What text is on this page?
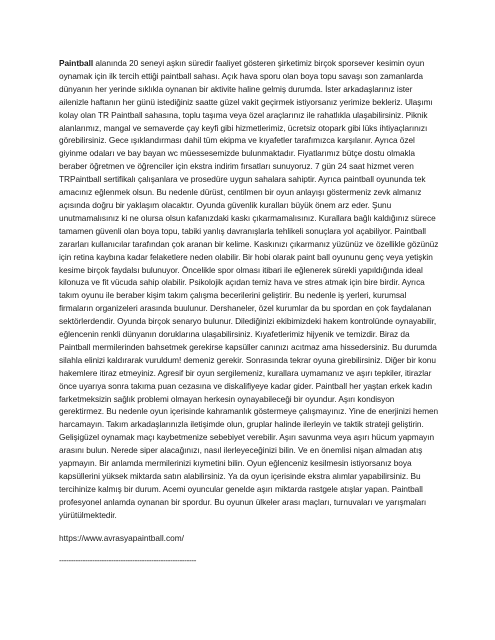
Paintball alanında 20 seneyi aşkın süredir faaliyet gösteren şirketimiz birçok sporsever kesimin oyun oynamak için ilk tercih ettiği paintball sahası. Açık hava sporu olan boya topu savaşı son zamanlarda dünyanın her yerinde sıklıkla oynanan bir aktivite haline gelmiş durumda. İster arkadaşlarınız ister ailenizle haftanın her günü istediğiniz saatte güzel vakit geçirmek istiyorsanız yerimize bekleriz. Ulaşımı kolay olan TR Paintball sahasına, toplu taşıma veya özel araçlarınız ile rahatlıkla ulaşabilirsiniz. Piknik alanlarımız, mangal ve semaverde çay keyfi gibi hizmetlerimiz, ücretsiz otopark gibi lüks ihtiyaçlarınızı görebilirsiniz. Gece ışıklandırması dahil tüm ekipma ve kıyafetler tarafımızca karşılanır. Ayrıca özel giyinme odaları ve bay bayan wc müessesemizde bulunmaktadır. Fiyatlarımız bütçe dostu olmakla beraber öğretmen ve öğrenciler için ekstra indirim fırsatları sunuyoruz. 7 gün 24 saat hizmet veren TRPaintball sertifikalı çalışanlara ve prosedüre uygun sahalara sahiptir. Ayrıca paintball oyununda tek amacınız eğlenmek olsun. Bu nedenle dürüst, centilmen bir oyun anlayışı göstermeniz zevk almanız açısında doğru bir yaklaşım olacaktır. Oyunda güvenlik kuralları büyük önem arz eder. Şunu unutmamalısınız ki ne olursa olsun kafanızdaki kaskı çıkarmamalısınız. Kurallara bağlı kaldığınız sürece tamamen güvenli olan boya topu, tabiki yanlış davranışlarla tehlikeli sonuçlara yol açabiliyor. Paintball zararları kullanıcılar tarafından çok aranan bir kelime. Kaskınızı çıkarmanız yüzünüz ve özellikle gözünüz için retina kaybına kadar felaketlere neden olabilir. Bir hobi olarak paint ball oyununu genç veya yetişkin kesime birçok faydalsı bulunuyor. Öncelikle spor olması itibari ile eğlenerek sürekli yapıldığında ideal kilonuza ve fit vücuda sahip olabilir. Psikolojik açıdan temiz hava ve stres atmak için bire birdir. Ayrıca takım oyunu ile beraber kişim takım çalışma becerilerini geliştirir. Bu nedenle iş yerleri, kurumsal firmaların organizeleri arasında buulunur. Dershaneler, özel kurumlar da bu spordan en çok faydalanan sektörlerdendir. Oyunda birçok senaryo bulunur. Dilediğinizi ekibimizdeki hakem kontrolünde oynayabilir, eğlencenin renkli dünyanın doruklarına ulaşabilirsiniz. Kıyafetlerimiz hijyenik ve temizdir. Biraz da Paintball mermilerinden bahsetmek gerekirse kapsüller canınızı acıtmaz ama hissedersiniz. Bu durumda silahla elinizi kaldırarak vuruldum! demeniz gerekir. Sonrasında tekrar oyuna girebilirsiniz. Diğer bir konu hakemlere itiraz etmeyiniz. Agresif bir oyun sergilemeniz, kurallara uymamanız ve aşırı tepkiler, itirazlar önce uyarıya sonra takıma puan cezasına ve diskalifiyeye kadar gider. Paintball her yaştan erkek kadın farketmeksizin sağlık problemi olmayan herkesin oynayabileceği bir oyundur. Aşırı kondisyon gerektirmez. Bu nedenle oyun içerisinde kahramanlık göstermeye çalışmayınız. Yine de enerjinizi hemen harcamayın. Takım arkadaşlarınızla iletişimde olun, gruplar halinde ilerleyin ve taktik strateji geliştirin. Gelişigüzel oynamak maçı kaybetmenize sebebiyet verebilir. Aşırı savunma veya aşırı hücum yapmayın arasını bulun. Nerede siper alacağınızı, nasıl ilerleyeceğinizi bilin. Ve en önemlisi nişan almadan atış yapmayın. Bir anlamda mermilerinizi kıymetini bilin. Oyun eğlenceniz kesilmesin istiyorsanız boya kapsüllerini yüksek miktarda satın alabilirsiniz. Ya da oyun içerisinde ekstra alımlar yapabilirsiniz. Bu tercihinize kalmış bir durum. Acemi oyuncular genelde aşırı miktarda rastgele atışlar yapan. Paintball profesyonel anlamda oynanan bir spordur. Bu oyunun ülkeler arası maçları, turnuvaları ve yarışmaları yürütülmektedir.

https://www.avrasyapaintball.com/

----------------------------------------------------------
